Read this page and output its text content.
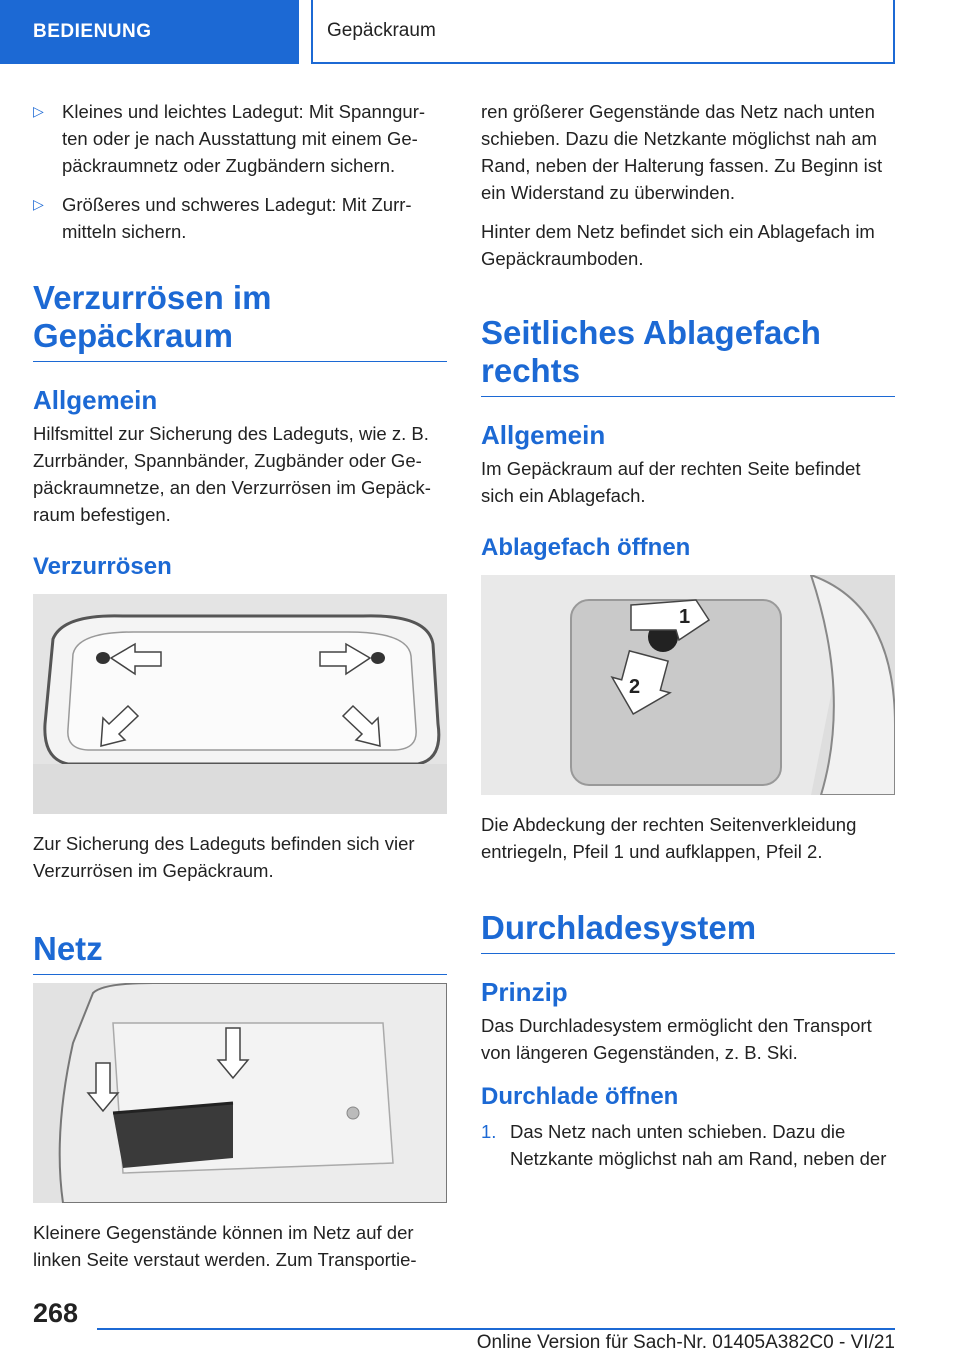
BEDIENUNG	Gepäckraum
▷ Kleines und leichtes Ladegut: Mit Spanngur-ten oder je nach Ausstattung mit einem Ge-päckraumnetz oder Zugbändern sichern.
▷ Größeres und schweres Ladegut: Mit Zurr-mitteln sichern.
Verzurrösen im Gepäckraum
Allgemein

Hilfsmittel zur Sicherung des Ladeguts, wie z. B. Zurrbänder, Spannbänder, Zugbänder oder Ge-päckraumnetze, an den Verzurrösen im Gepäck-raum befestigen.

Verzurrösen

Zur Sicherung des Ladeguts befinden sich vier Verzurrösen im Gepäckraum.

Netz

Kleinere Gegenstände können im Netz auf der linken Seite verstaut werden. Zum Transportie-

ren größerer Gegenstände das Netz nach unten schieben. Dazu die Netzkante möglichst nah am Rand, neben der Halterung fassen. Zu Beginn ist ein Widerstand zu überwinden.

Hinter dem Netz befindet sich ein Ablagefach im Gepäckraumboden.

Seitliches Ablagefach rechts
Allgemein

Im Gepäckraum auf der rechten Seite befindet sich ein Ablagefach.

Ablagefach öffnen
1
2

Die Abdeckung der rechten Seitenverkleidung entriegeln, Pfeil 1 und aufklappen, Pfeil 2.

Durchladesystem
Prinzip

Das Durchladesystem ermöglicht den Transport von längeren Gegenständen, z. B. Ski.

Durchlade öffnen
1. Das Netz nach unten schieben. Dazu die Netzkante möglichst nah am Rand, neben der
268
Online Version für Sach-Nr. 01405A382C0 - VI/21
